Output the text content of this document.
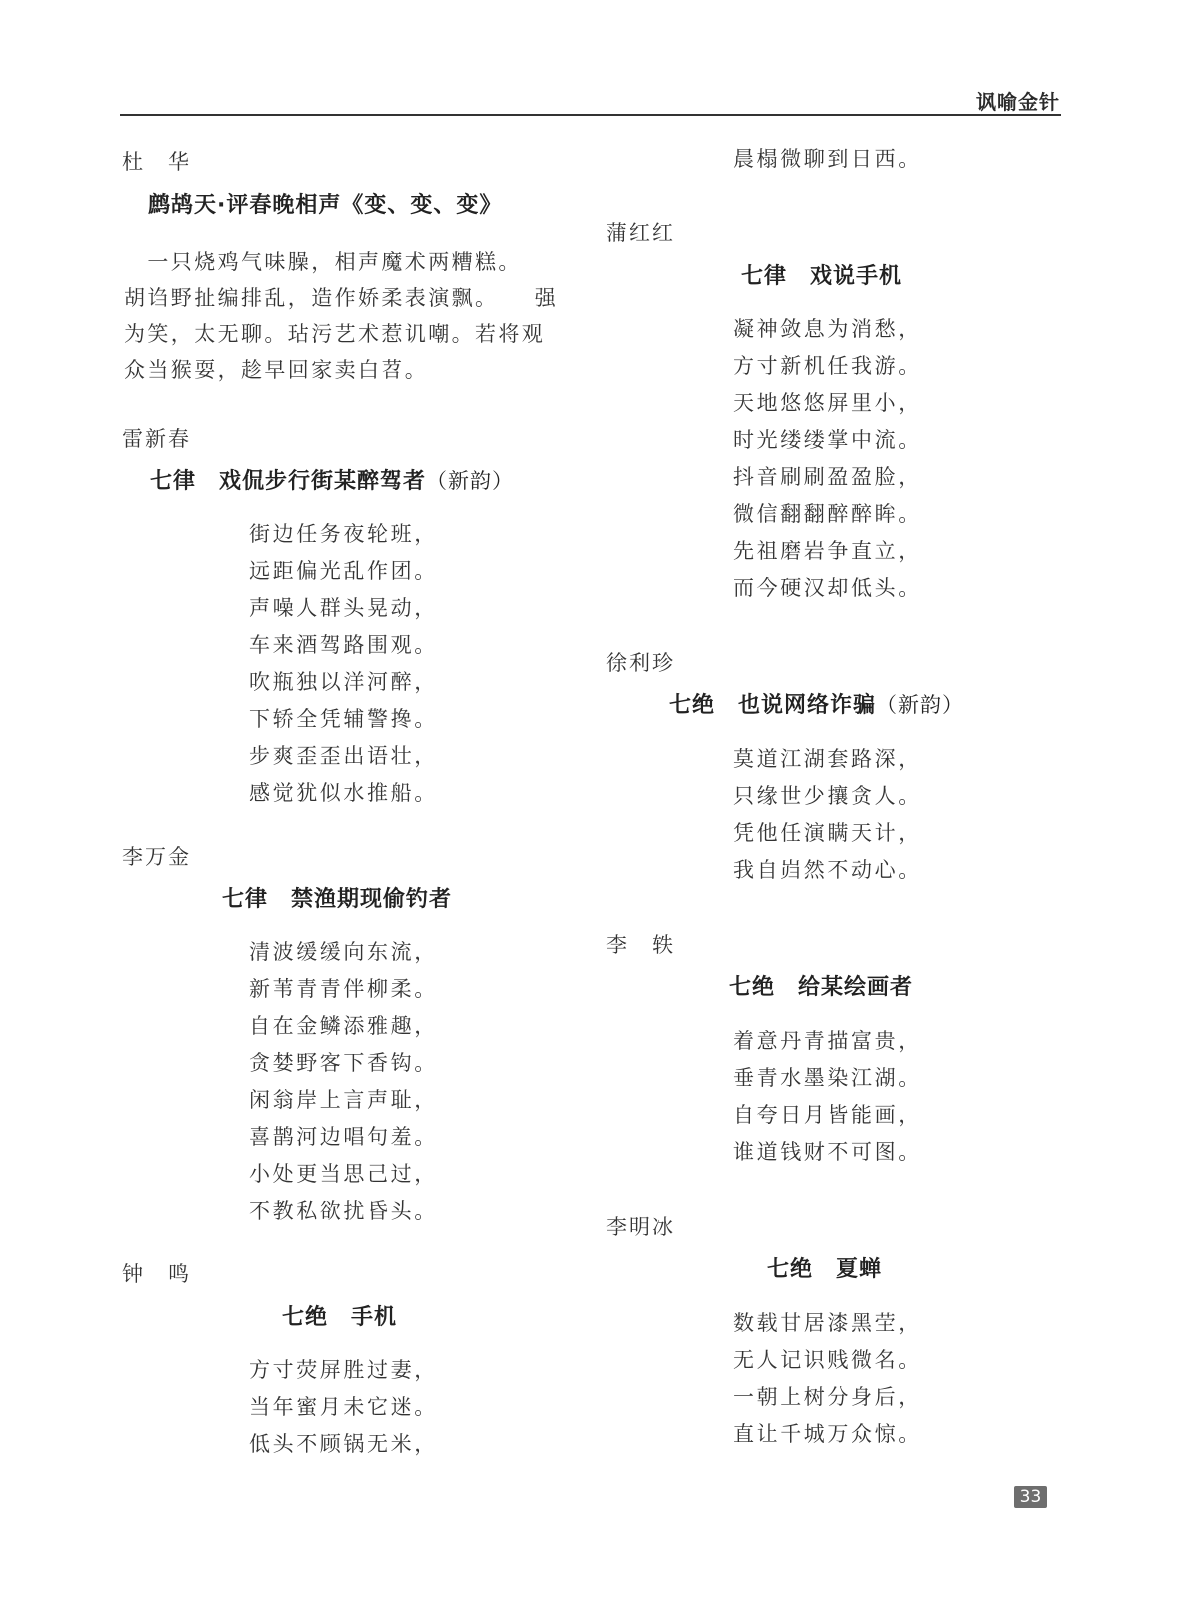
讽喻金针
杜　华
鹧鸪天·评春晚相声《变、变、变》
　一只烧鸡气味臊，相声魔术两糟糕。
胡诌野扯编排乱，造作娇柔表演飘。　　强
为笑，太无聊。玷污艺术惹讥嘲。若将观
众当猴耍，趁早回家卖白苕。
雷新春
七律　戏侃步行街某醉驾者（新韵）
街边任务夜轮班，
远距偏光乱作团。
声噪人群头晃动，
车来酒驾路围观。
吹瓶独以洋河醉，
下轿全凭辅警搀。
步爽歪歪出语壮，
感觉犹似水推船。
李万金
七律　禁渔期现偷钓者
清波缓缓向东流，
新苇青青伴柳柔。
自在金鳞添雅趣，
贪婪野客下香钩。
闲翁岸上言声耻，
喜鹊河边唱句羞。
小处更当思己过，
不教私欲扰昏头。
钟　鸣
七绝　手机
方寸荧屏胜过妻，
当年蜜月未它迷。
低头不顾锅无米，
晨榻微聊到日西。
蒲红红
七律　戏说手机
凝神敛息为消愁，
方寸新机任我游。
天地悠悠屏里小，
时光缕缕掌中流。
抖音刷刷盈盈脸，
微信翻翻醉醉眸。
先祖磨岩争直立，
而今硬汉却低头。
徐利珍
七绝　也说网络诈骗（新韵）
莫道江湖套路深，
只缘世少攘贪人。
凭他任演瞒天计，
我自岿然不动心。
李　轶
七绝　给某绘画者
着意丹青描富贵，
垂青水墨染江湖。
自夸日月皆能画，
谁道钱财不可图。
李明冰
七绝　夏蝉
数载甘居漆黑茔，
无人记识贱微名。
一朝上树分身后，
直让千城万众惊。
33
